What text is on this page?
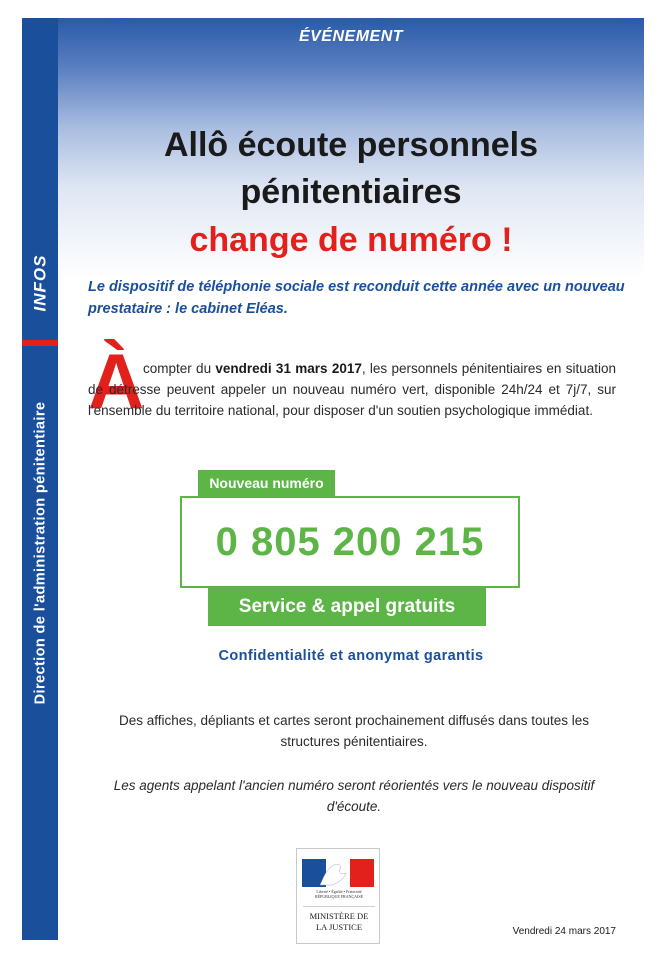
INFOS
Direction de l'administration pénitentiaire
ÉVÉNEMENT
Allô écoute personnels
pénitentiaires
change de numéro !
Le dispositif de téléphonie sociale est reconduit cette année avec un nouveau prestataire : le cabinet Eléas.
À
compter du vendredi 31 mars 2017, les personnels pénitentiaires en situation de détresse peuvent appeler un nouveau numéro vert, disponible 24h/24 et 7j/7, sur l'ensemble du territoire national, pour disposer d'un soutien psychologique immédiat.
Nouveau numéro
0 805 200 215
Service & appel gratuits
Confidentialité et anonymat garantis
Des affiches, dépliants et cartes seront prochainement diffusés dans toutes les structures pénitentiaires.
Les agents appelant l'ancien numéro seront réorientés vers le nouveau dispositif d'écoute.
Liberté • Égalité • Fraternité
RÉPUBLIQUE FRANÇAISE
MINISTÈRE DE
LA JUSTICE	Vendredi 24 mars 2017
